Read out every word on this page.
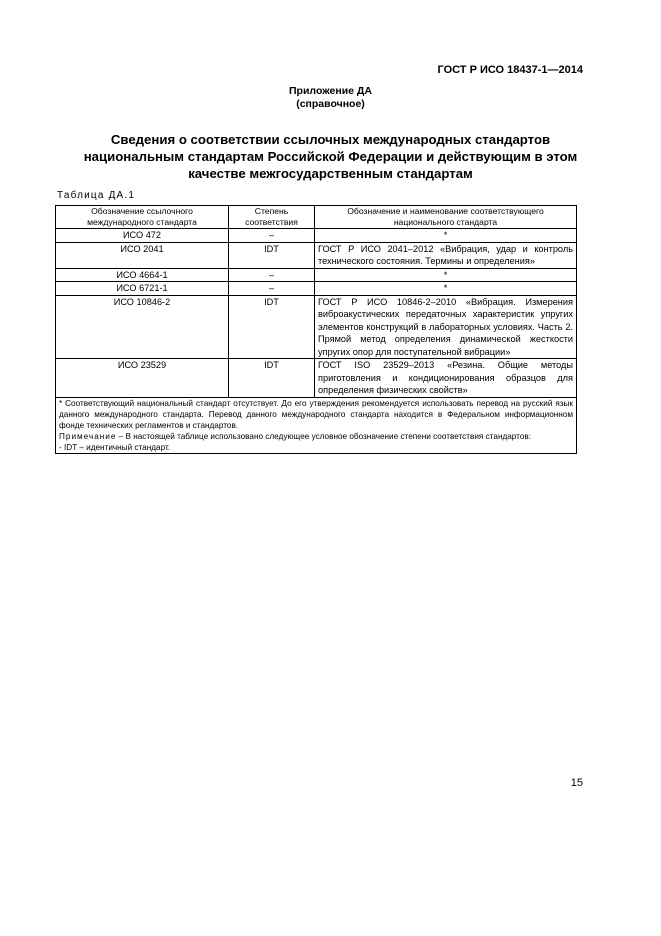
ГОСТ Р ИСО 18437-1—2014
Приложение ДА
(справочное)
Сведения о соответствии ссылочных международных стандартов
национальным стандартам Российской Федерации и действующим в этом
качестве межгосударственным стандартам
Таблица ДА.1
Обозначение ссылочного международного стандарта	Степень соответствия	Обозначение и наименование соответствующего национального стандарта
ИСО 472	–	*
ИСО 2041	IDT	ГОСТ Р ИСО 2041–2012 «Вибрация, удар и контроль технического состояния. Термины и определения»
ИСО 4664-1	–	*
ИСО 6721-1	–	*
ИСО 10846-2	IDT	ГОСТ Р ИСО 10846-2–2010 «Вибрация. Измерения виброакустических передаточных характеристик упругих элементов конструкций в лабораторных условиях. Часть 2. Прямой метод определения динамической жесткости упругих опор для поступательной вибрации»
ИСО 23529	IDT	ГОСТ ISO 23529–2013 «Резина. Общие методы приготовления и кондиционирования образцов для определения физических свойств»

* Соответствующий национальный стандарт отсутствует. До его утверждения рекомендуется использовать перевод на русский язык данного международного стандарта. Перевод данного международного стандарта находится в Федеральном информационном фонде технических регламентов и стандартов.
Примечание – В настоящей таблице использовано следующее условное обозначение степени соответствия стандартов:
- IDT – идентичный стандарт.		
15
